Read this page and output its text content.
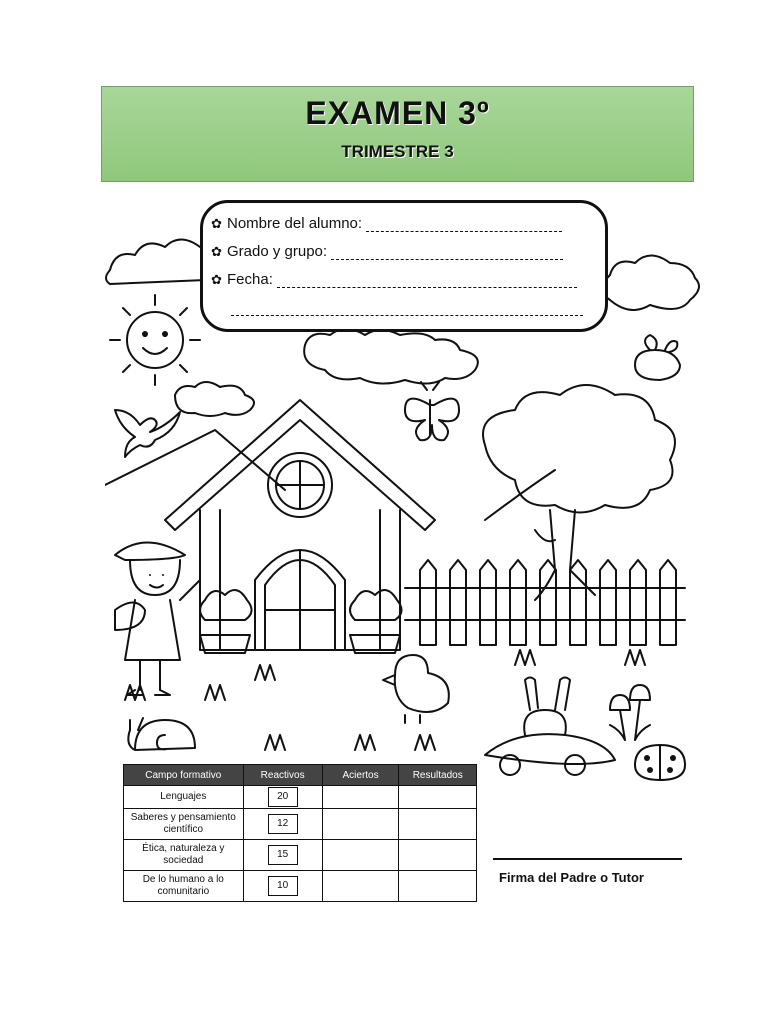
EXAMEN 3º
TRIMESTRE 3
✿ Nombre del alumno:
✿ Grado y grupo:
✿ Fecha:
Campo formativo	Reactivos	Aciertos	Resultados
Lenguajes	20		
Saberes y pensamiento científico	12		
Ética, naturaleza y sociedad	15		
De lo humano a lo comunitario	10		
Firma del Padre o Tutor
